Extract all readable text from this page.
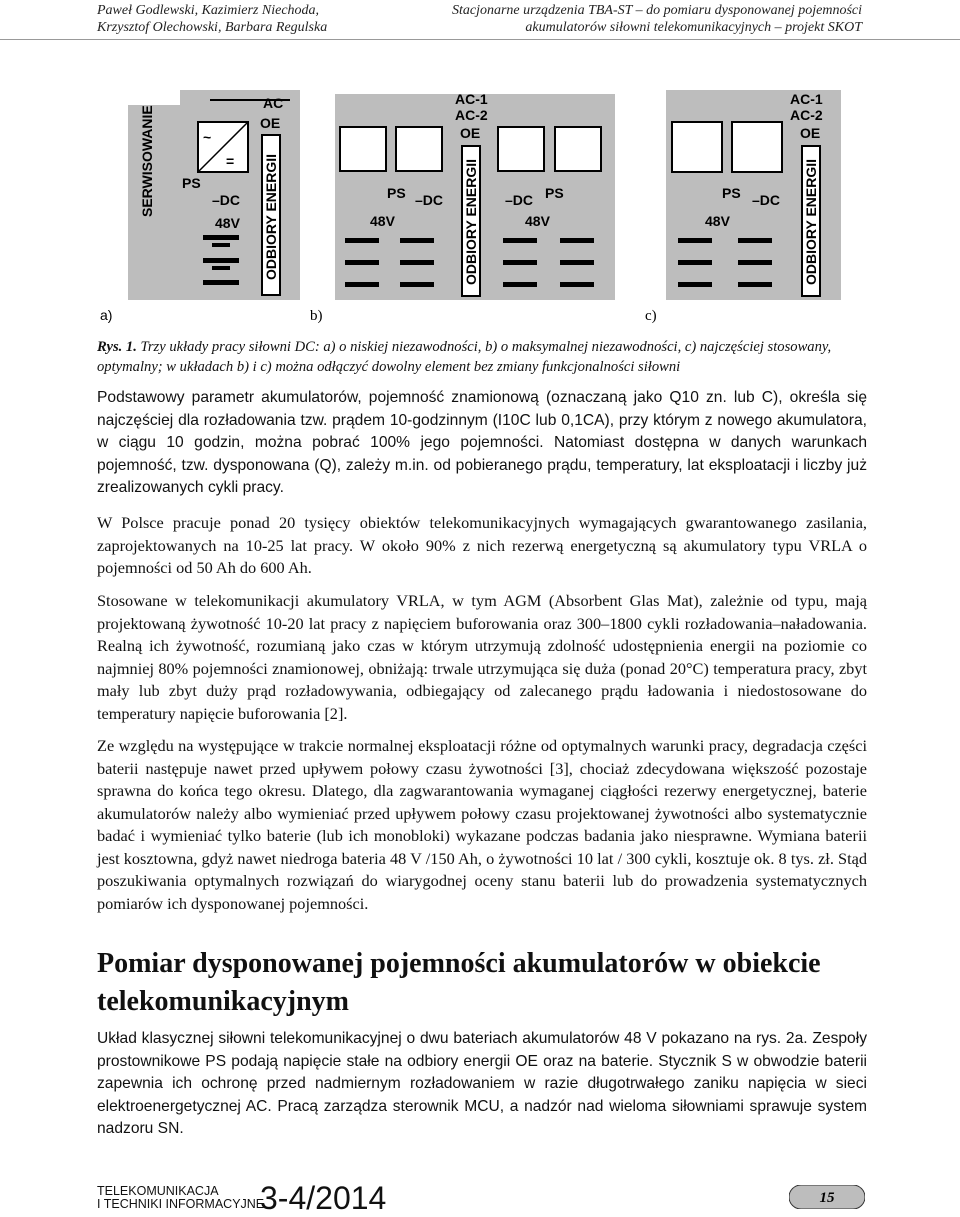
Paweł Godlewski, Kazimierz Niechoda,
Krzysztof Olechowski, Barbara Regulska
Stacjonarne urządzenia TBA-ST – do pomiaru dysponowanej pojemności
akumulatorów siłowni telekomunikacyjnych – projekt SKOT
SERWISOWANIE
AC
~
=
PS
–DC
48V
OE
ODBIORY ENERGII
a)
AC-1
AC-2
OE
ODBIORY ENERGII
PS –DC
48V
PS
–DC
48V
b)
AC-1
AC-2
OE
ODBIORY ENERGII
PS –DC
48V
c)
Rys. 1. Trzy układy pracy siłowni DC: a) o niskiej niezawodności, b) o maksymalnej niezawodności, c) najczęściej stosowany, optymalny; w układach b) i c) można odłączyć dowolny element bez zmiany funkcjonalności siłowni

Podstawowy parametr akumulatorów, pojemność znamionową (oznaczaną jako Q10 zn. lub C), określa się najczęściej dla rozładowania tzw. prądem 10-godzinnym (I10C lub 0,1CA), przy którym z nowego akumulatora, w ciągu 10 godzin, można pobrać 100% jego pojemności. Natomiast dostępna w danych warunkach pojemność, tzw. dysponowana (Q), zależy m.in. od pobieranego prądu, temperatury, lat eksploatacji i liczby już zrealizowanych cykli pracy.

W Polsce pracuje ponad 20 tysięcy obiektów telekomunikacyjnych wymagających gwarantowanego zasilania, zaprojektowanych na 10-25 lat pracy. W około 90% z nich rezerwą energetyczną są akumulatory typu VRLA o pojemności od 50 Ah do 600 Ah.

Stosowane w telekomunikacji akumulatory VRLA, w tym AGM (Absorbent Glas Mat), zależnie od typu, mają projektowaną żywotność 10-20 lat pracy z napięciem buforowania oraz 300–1800 cykli rozładowania–naładowania. Realną ich żywotność, rozumianą jako czas w którym utrzymują zdolność udostępnienia energii na poziomie co najmniej 80% pojemności znamionowej, obniżają: trwale utrzymująca się duża (ponad 20°C) temperatura pracy, zbyt mały lub zbyt duży prąd rozładowywania, odbiegający od zalecanego prądu ładowania i niedostosowane do temperatury napięcie buforowania [2].

Ze względu na występujące w trakcie normalnej eksploatacji różne od optymalnych warunki pracy, degradacja części baterii następuje nawet przed upływem połowy czasu żywotności [3], chociaż zdecydowana większość pozostaje sprawna do końca tego okresu. Dlatego, dla zagwarantowania wymaganej ciągłości rezerwy energetycznej, baterie akumulatorów należy albo wymieniać przed upływem połowy czasu projektowanej żywotności albo systematycznie badać i wymieniać tylko baterie (lub ich monobloki) wykazane podczas badania jako niesprawne. Wymiana baterii jest kosztowna, gdyż nawet niedroga bateria 48 V /150 Ah, o żywotności 10 lat / 300 cykli, kosztuje ok. 8 tys. zł. Stąd poszukiwania optymalnych rozwiązań do wiarygodnej oceny stanu baterii lub do prowadzenia systematycznych pomiarów ich dysponowanej pojemności.

Pomiar dysponowanej pojemności akumulatorów w obiekcie telekomunikacyjnym

Układ klasycznej siłowni telekomunikacyjnej o dwu bateriach akumulatorów 48 V pokazano na rys. 2a. Zespoły prostownikowe PS podają napięcie stałe na odbiory energii OE oraz na baterie. Stycznik S w obwodzie baterii zapewnia ich ochronę przed nadmiernym rozładowaniem w razie długotrwałego zaniku napięcia w sieci elektroenergetycznej AC. Pracą zarządza sterownik MCU, a nadzór nad wieloma siłowniami sprawuje system nadzoru SN.

TELEKOMUNIKACJA
I TECHNIKI INFORMACYJNE
3-4/2014	15
